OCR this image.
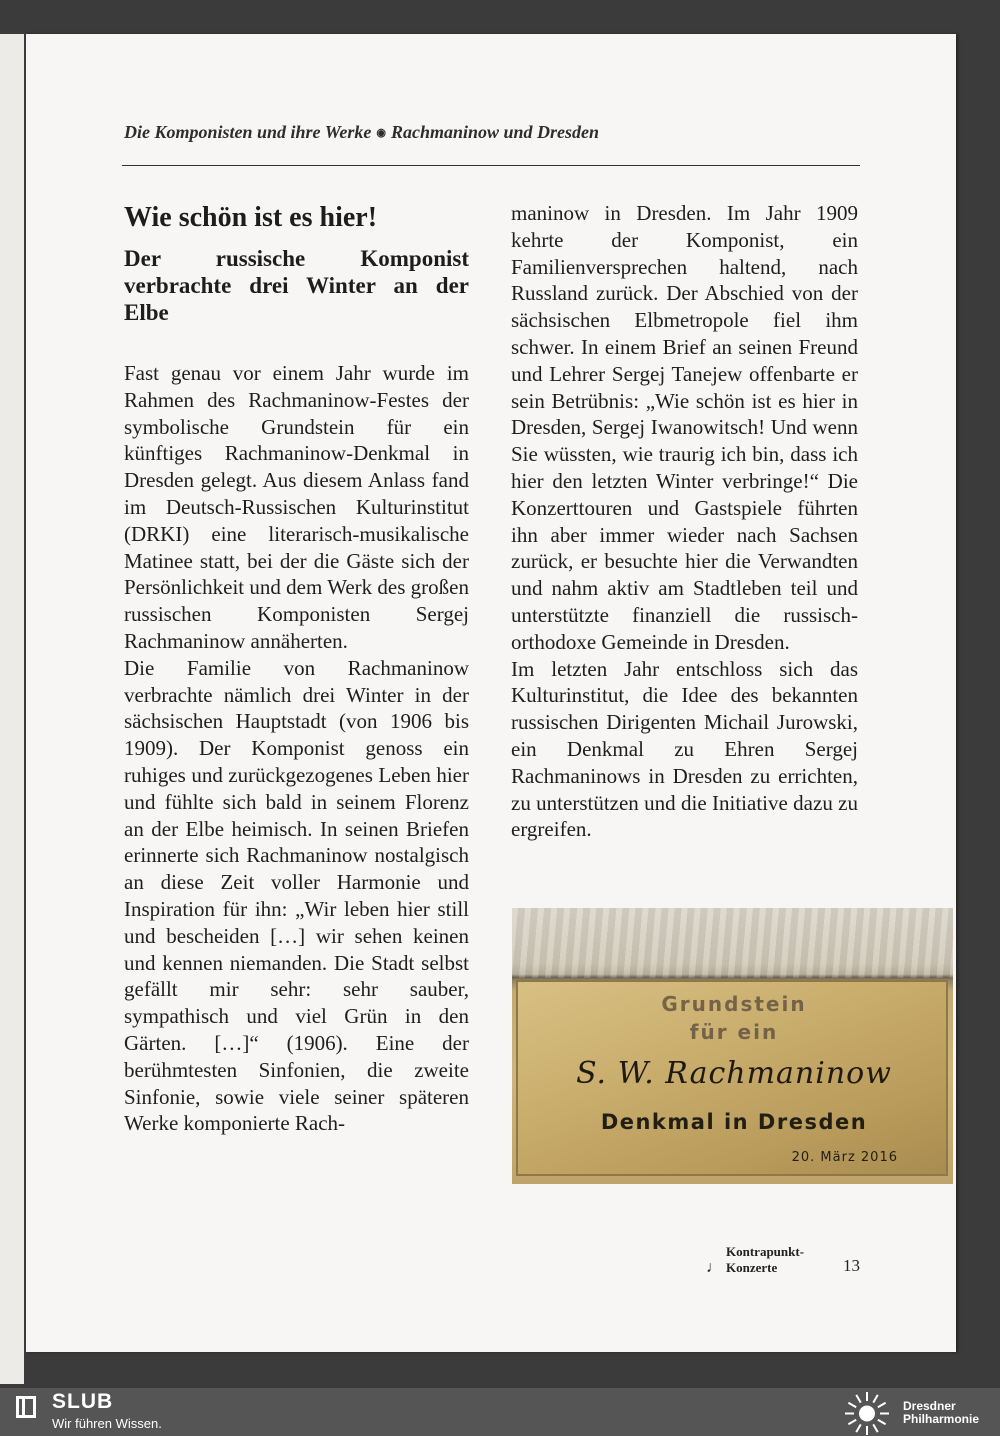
Die Komponisten und ihre Werke ◉ Rachmaninow und Dresden
Wie schön ist es hier!
Der russische Komponist verbrachte drei Winter an der Elbe

Fast genau vor einem Jahr wurde im Rahmen des Rachmaninow-Festes der symbolische Grundstein für ein künftiges Rachmaninow-Denkmal in Dresden gelegt. Aus diesem Anlass fand im Deutsch-Russischen Kulturinstitut (DRKI) eine literarisch-musikalische Matinee statt, bei der die Gäste sich der Persönlichkeit und dem Werk des großen russischen Komponisten Sergej Rachmaninow annäherten.

Die Familie von Rachmaninow verbrachte nämlich drei Winter in der sächsischen Hauptstadt (von 1906 bis 1909). Der Komponist genoss ein ruhiges und zurückgezogenes Leben hier und fühlte sich bald in seinem Florenz an der Elbe heimisch. In seinen Briefen erinnerte sich Rachmaninow nostalgisch an diese Zeit voller Harmonie und Inspiration für ihn: „Wir leben hier still und bescheiden […] wir sehen keinen und kennen niemanden. Die Stadt selbst gefällt mir sehr: sehr sauber, sympathisch und viel Grün in den Gärten. […]“ (1906). Eine der berühmtesten Sinfonien, die zweite Sinfonie, sowie viele seiner späteren Werke komponierte Rach-

maninow in Dresden. Im Jahr 1909 kehrte der Komponist, ein Familienversprechen haltend, nach Russland zurück. Der Abschied von der sächsischen Elbmetropole fiel ihm schwer. In einem Brief an seinen Freund und Lehrer Sergej Tanejew offenbarte er sein Betrübnis: „Wie schön ist es hier in Dresden, Sergej Iwanowitsch! Und wenn Sie wüssten, wie traurig ich bin, dass ich hier den letzten Winter verbringe!“ Die Konzerttouren und Gastspiele führten ihn aber immer wieder nach Sachsen zurück, er besuchte hier die Verwandten und nahm aktiv am Stadtleben teil und unterstützte finanziell die russisch-orthodoxe Gemeinde in Dresden.

Im letzten Jahr entschloss sich das Kulturinstitut, die Idee des bekannten russischen Dirigenten Michail Jurowski, ein Denkmal zu Ehren Sergej Rachmaninows in Dresden zu errichten, zu unterstützen und die Initiative dazu zu ergreifen.

Grundstein
für ein
S. W. Rachmaninow
Denkmal in Dresden
20. März 2016
♩
Kontrapunkt-Konzerte	13
SLUB
Wir führen Wissen.
Dresdner
Philharmonie
